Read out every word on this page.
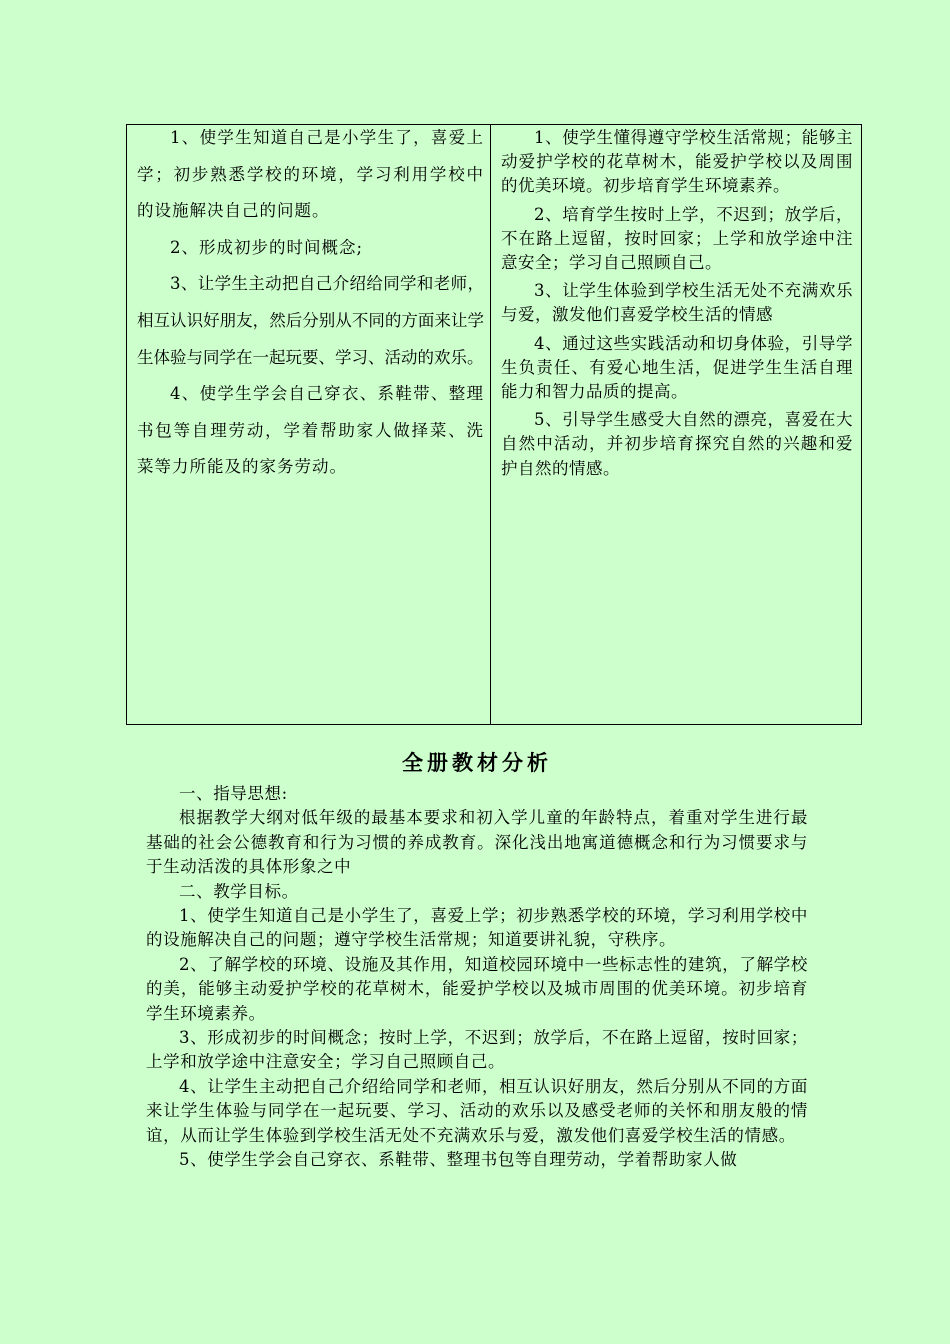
1、使学生知道自己是小学生了，喜爱上学；初步熟悉学校的环境，学习利用学校中的设施解决自己的问题。

2、形成初步的时间概念;

3、让学生主动把自己介绍给同学和老师，相互认识好朋友，然后分别从不同的方面来让学生体验与同学在一起玩要、学习、活动的欢乐。

4、使学生学会自己穿衣、系鞋带、整理书包等自理劳动，学着帮助家人做择菜、洗菜等力所能及的家务劳动。

1、使学生懂得遵守学校生活常规；能够主动爱护学校的花草树木，能爱护学校以及周围的优美环境。初步培育学生环境素养。

2、培育学生按时上学，不迟到；放学后，不在路上逗留，按时回家；上学和放学途中注意安全；学习自己照顾自己。

3、让学生体验到学校生活无处不充满欢乐与爱，激发他们喜爱学校生活的情感

4、通过这些实践活动和切身体验，引导学生负责任、有爱心地生活，促进学生生活自理能力和智力品质的提高。

5、引导学生感受大自然的漂亮，喜爱在大自然中活动，并初步培育探究自然的兴趣和爱护自然的情感。

全册教材分析

一、指导思想:

根据教学大纲对低年级的最基本要求和初入学儿童的年龄特点，着重对学生进行最基础的社会公德教育和行为习惯的养成教育。深化浅出地寓道德概念和行为习惯要求与于生动活泼的具体形象之中

二、教学目标。

1、使学生知道自己是小学生了，喜爱上学；初步熟悉学校的环境，学习利用学校中的设施解决自己的问题；遵守学校生活常规；知道要讲礼貌，守秩序。

2、了解学校的环境、设施及其作用，知道校园环境中一些标志性的建筑，了解学校的美，能够主动爱护学校的花草树木，能爱护学校以及城市周围的优美环境。初步培育学生环境素养。

3、形成初步的时间概念；按时上学，不迟到；放学后，不在路上逗留，按时回家；上学和放学途中注意安全；学习自己照顾自己。

4、让学生主动把自己介绍给同学和老师，相互认识好朋友，然后分别从不同的方面来让学生体验与同学在一起玩要、学习、活动的欢乐以及感受老师的关怀和朋友般的情谊，从而让学生体验到学校生活无处不充满欢乐与爱，激发他们喜爱学校生活的情感。

5、使学生学会自己穿衣、系鞋带、整理书包等自理劳动，学着帮助家人做
